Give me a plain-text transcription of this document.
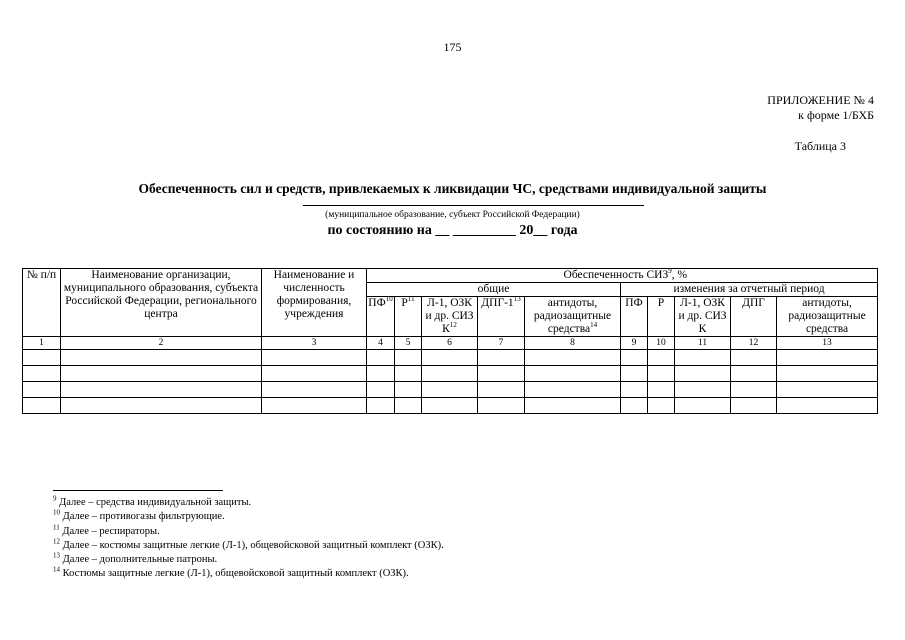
175
ПРИЛОЖЕНИЕ № 4
к форме 1/БХБ
Таблица 3
Обеспеченность сил и средств, привлекаемых к ликвидации ЧС, средствами индивидуальной защиты
(муниципальное образование, субъект Российской Федерации)
по состоянию на __ _________ 20__ года
№ п/п	Наименование организации, муниципального образования, субъекта Российской Федерации, регионального центра	Наименование и численность формирования, учреждения	Обеспеченность СИЗ$^9$, %									
			общие					изменения за отчетный период				
			ПФ$^{10}$	$Р^{11}$	Л-1, ОЗК и др. СИЗ $К^{12}$	ДПГ-$1^{13}$	антидоты, радиозащитные средства$^{14}$	ПФ	Р	Л-1, ОЗК и др. СИЗ К	ДПГ	антидоты, радиозащитные средства
1	2	3	4	5	6	7	8	9	10	11	12	13

$^9$ Далее – средства индивидуальной защиты.
$^{10}$ Далее – противогазы фильтрующие.
$^{11}$ Далее – респираторы.
$^{12}$ Далее – костюмы защитные легкие (Л-1), общевойсковой защитный комплект (ОЗК).
$^{13}$ Далее – дополнительные патроны.
$^{14}$ Костюмы защитные легкие (Л-1), общевойсковой защитный комплект (ОЗК).
